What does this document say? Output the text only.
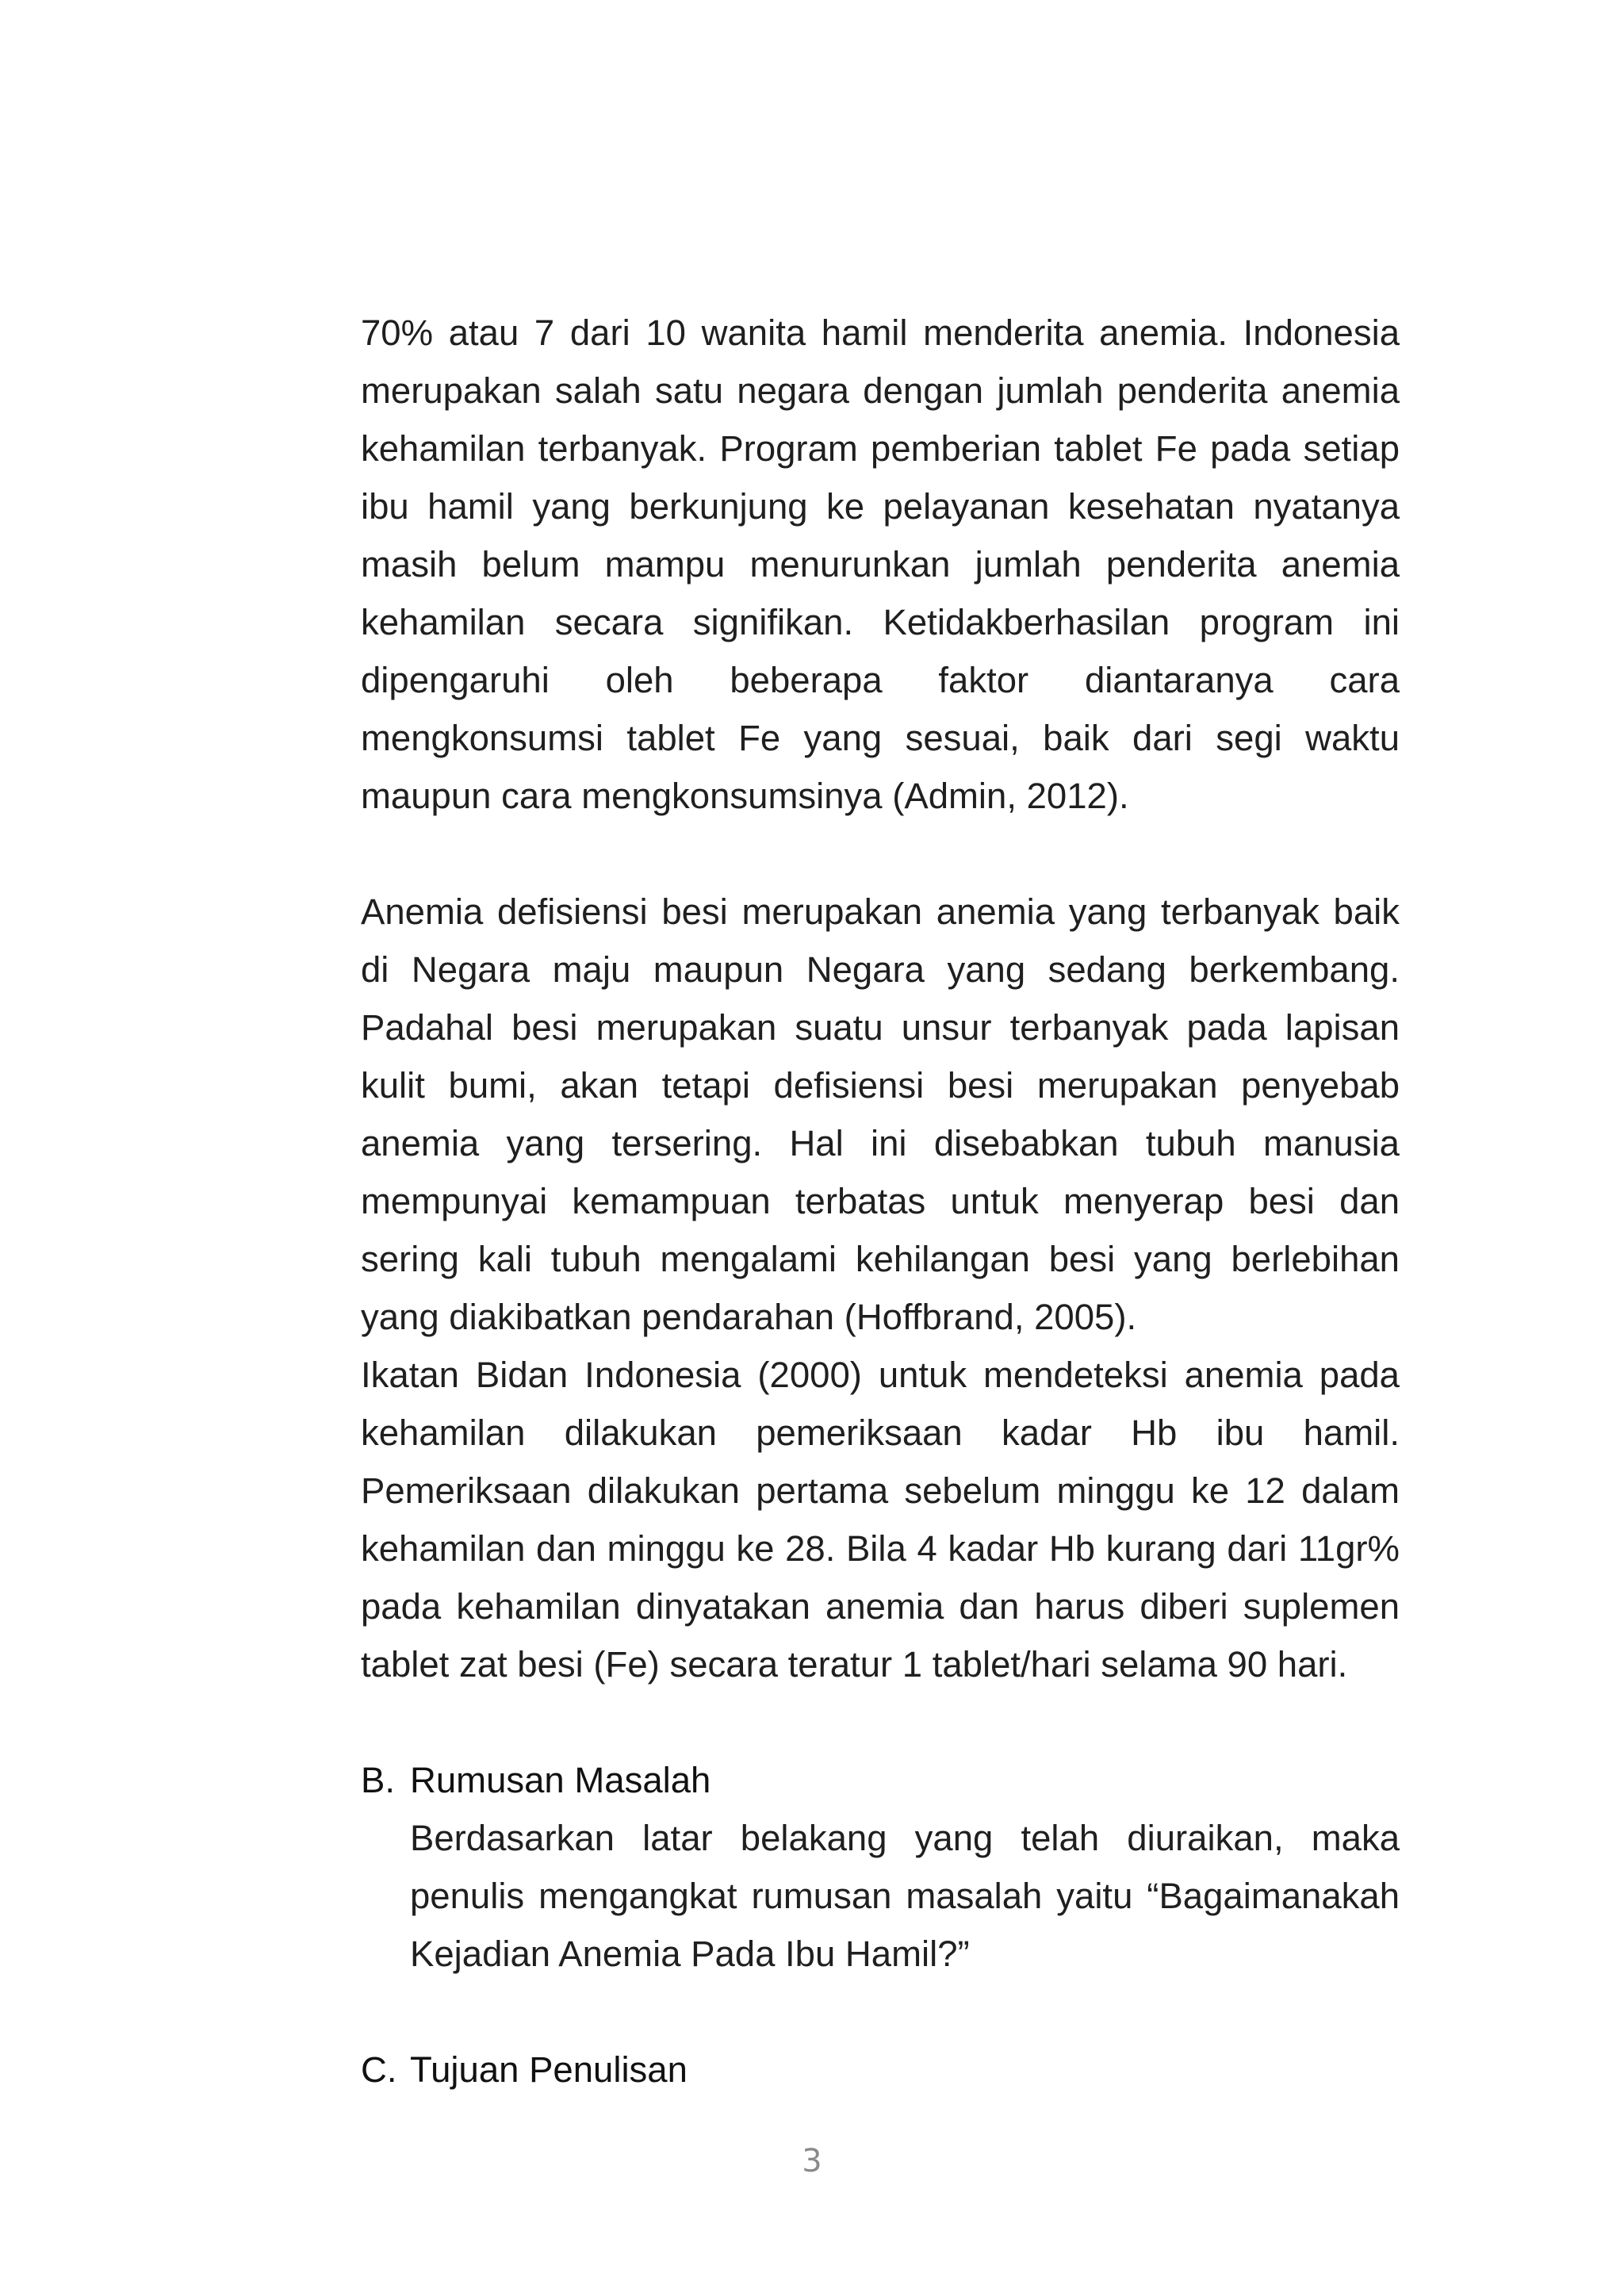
70% atau 7 dari 10 wanita hamil menderita anemia. Indonesia merupakan salah satu negara dengan jumlah penderita anemia kehamilan terbanyak. Program pemberian tablet Fe pada setiap ibu hamil yang berkunjung ke pelayanan kesehatan nyatanya masih belum mampu menurunkan jumlah penderita anemia kehamilan secara signifikan. Ketidakberhasilan program ini dipengaruhi oleh beberapa faktor diantaranya cara mengkonsumsi tablet Fe yang sesuai, baik dari segi waktu maupun cara mengkonsumsinya (Admin, 2012).

Anemia defisiensi besi merupakan anemia yang terbanyak baik di Negara maju maupun Negara yang sedang berkembang. Padahal besi merupakan suatu unsur terbanyak pada lapisan kulit bumi, akan tetapi defisiensi besi merupakan penyebab anemia yang tersering. Hal ini disebabkan tubuh manusia mempunyai kemampuan terbatas untuk menyerap besi dan sering kali tubuh mengalami kehilangan besi yang berlebihan yang diakibatkan pendarahan (Hoffbrand, 2005).

Ikatan Bidan Indonesia (2000) untuk mendeteksi anemia pada kehamilan dilakukan pemeriksaan kadar Hb ibu hamil. Pemeriksaan dilakukan pertama sebelum minggu ke 12 dalam kehamilan dan minggu ke 28. Bila 4 kadar Hb kurang dari 11gr% pada kehamilan dinyatakan anemia dan harus diberi suplemen tablet zat besi (Fe) secara teratur 1 tablet/hari selama 90 hari.

B. Rumusan Masalah

Berdasarkan latar belakang yang telah diuraikan, maka penulis mengangkat rumusan masalah yaitu “Bagaimanakah Kejadian Anemia Pada Ibu Hamil?”

C. Tujuan Penulisan
3
